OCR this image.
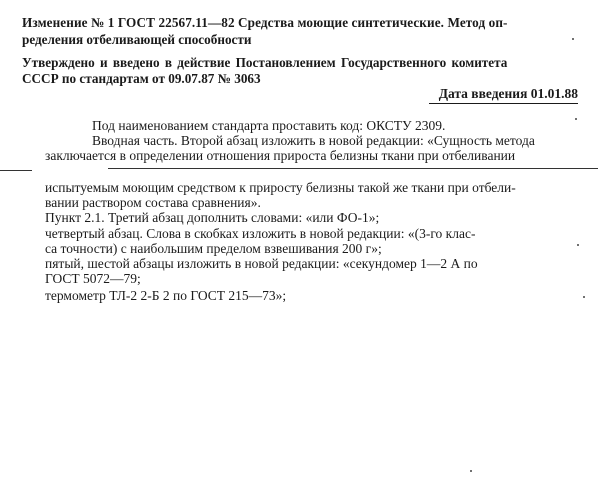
Изменение № 1 ГОСТ 22567.11—82 Средства моющие синтетические. Метод оп-
ределения отбеливающей способности
Утверждено и введено в действие Постановлением Государственного комитета
СССР по стандартам от 09.07.87 № 3063
Дата введения 01.01.88
Под наименованием стандарта проставить код: ОКСТУ 2309.
Вводная часть. Второй абзац изложить в новой редакции: «Сущность метода
заключается в определении отношения прироста белизны ткани при отбеливании
испытуемым моющим средством к приросту белизны такой же ткани при отбели-
вании раствором состава сравнения».
Пункт 2.1. Третий абзац дополнить словами: «или ФО-1»;
четвертый абзац. Слова в скобках изложить в новой редакции: «(3-го клас-
са точности) с наибольшим пределом взвешивания 200 г»;
пятый, шестой абзацы изложить в новой редакции: «секундомер 1—2 А по
ГОСТ 5072—79;
термометр ТЛ-2 2-Б 2 по ГОСТ 215—73»;
